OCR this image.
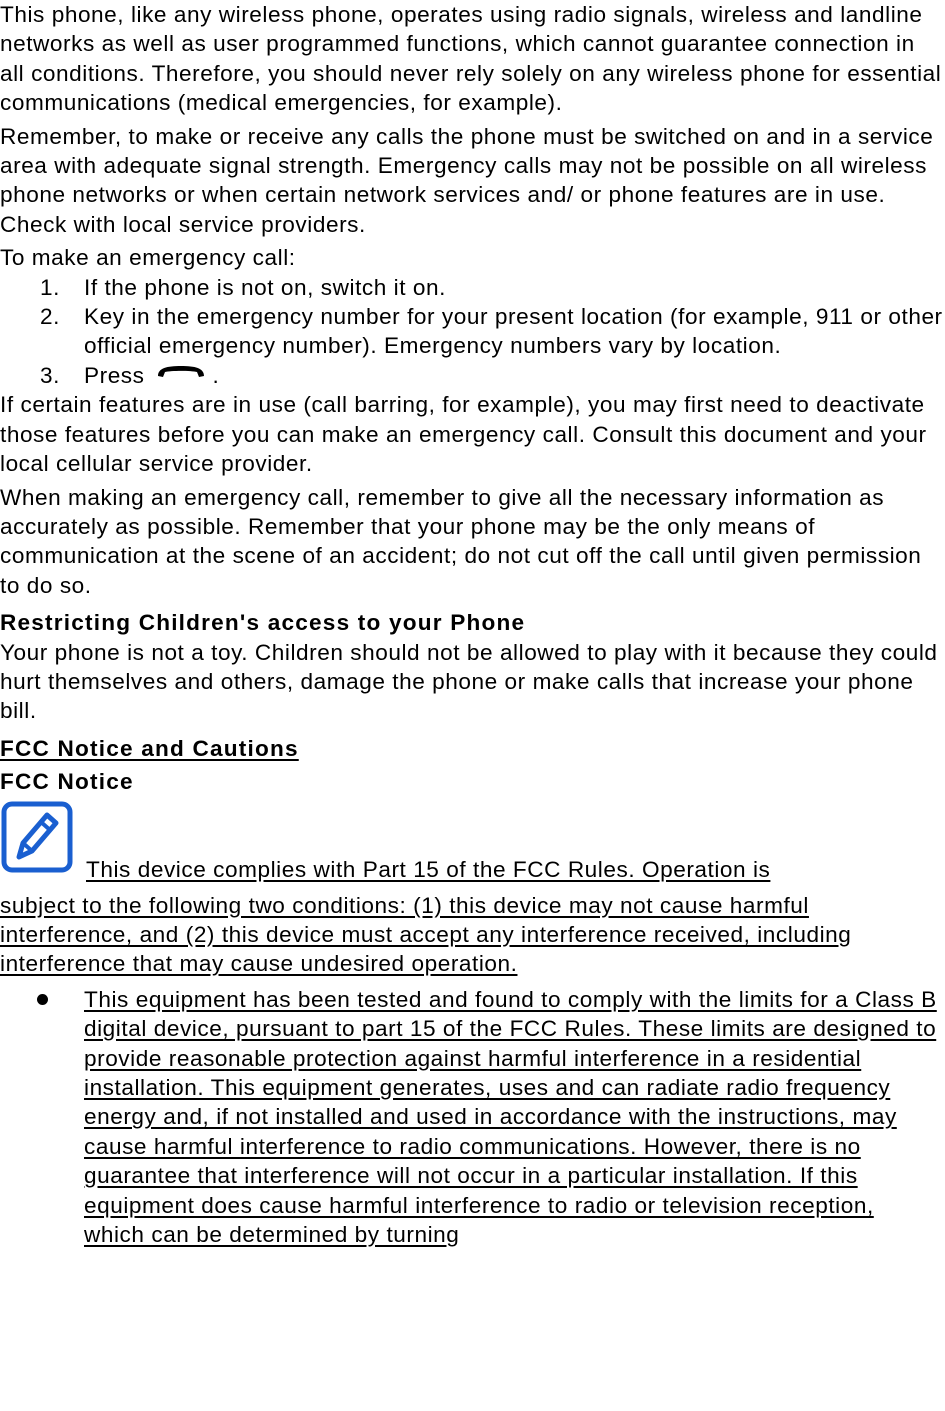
This phone, like any wireless phone, operates using radio signals, wireless and landline networks as well as user programmed functions, which cannot guarantee connection in all conditions. Therefore, you should never rely solely on any wireless phone for essential communications (medical emergencies, for example).

Remember, to make or receive any calls the phone must be switched on and in a service area with adequate signal strength. Emergency calls may not be possible on all wireless phone networks or when certain network services and/ or phone features are in use. Check with local service providers.

To make an emergency call:

1.	If the phone is not on, switch it on.
2.	Key in the emergency number for your present location (for example, 911 or other official emergency number). Emergency numbers vary by location.
3.	Press	.

If certain features are in use (call barring, for example), you may first need to deactivate those features before you can make an emergency call. Consult this document and your local cellular service provider.

When making an emergency call, remember to give all the necessary information as accurately as possible. Remember that your phone may be the only means of communication at the scene of an accident; do not cut off the call until given permission to do so.

Restricting Children's access to your Phone

Your phone is not a toy. Children should not be allowed to play with it because they could hurt themselves and others, damage the phone or make calls that increase your phone bill.

FCC Notice and Cautions

FCC Notice

This device complies with Part 15 of the FCC Rules. Operation is

subject to the following two conditions: (1) this device may not cause harmful interference, and (2) this device must accept any interference received, including interference that may cause undesired operation.

This equipment has been tested and found to comply with the limits for a Class B digital device, pursuant to part 15 of the FCC Rules. These limits are designed to provide reasonable protection against harmful interference in a residential installation. This equipment generates, uses and can radiate radio frequency energy and, if not installed and used in accordance with the instructions, may cause harmful interference to radio communications. However, there is no guarantee that interference will not occur in a particular installation. If this equipment does cause harmful interference to radio or television reception, which can be determined by turning
